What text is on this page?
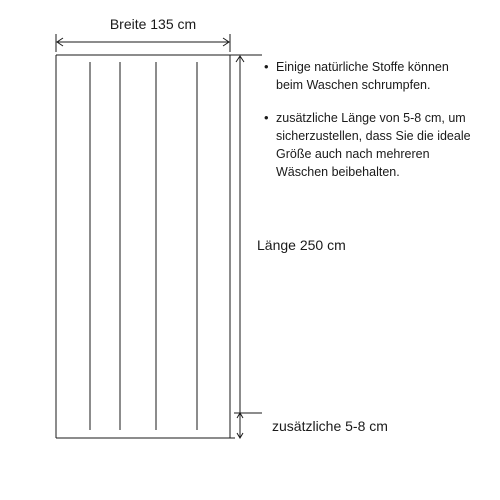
Breite 135 cm
Länge 250 cm
zusätzliche 5-8 cm
• Einige natürliche Stoffe können
beim Waschen schrumpfen.
• zusätzliche Länge von 5-8 cm, um
sicherzustellen, dass Sie die ideale
Größe auch nach mehreren
Wäschen beibehalten.
